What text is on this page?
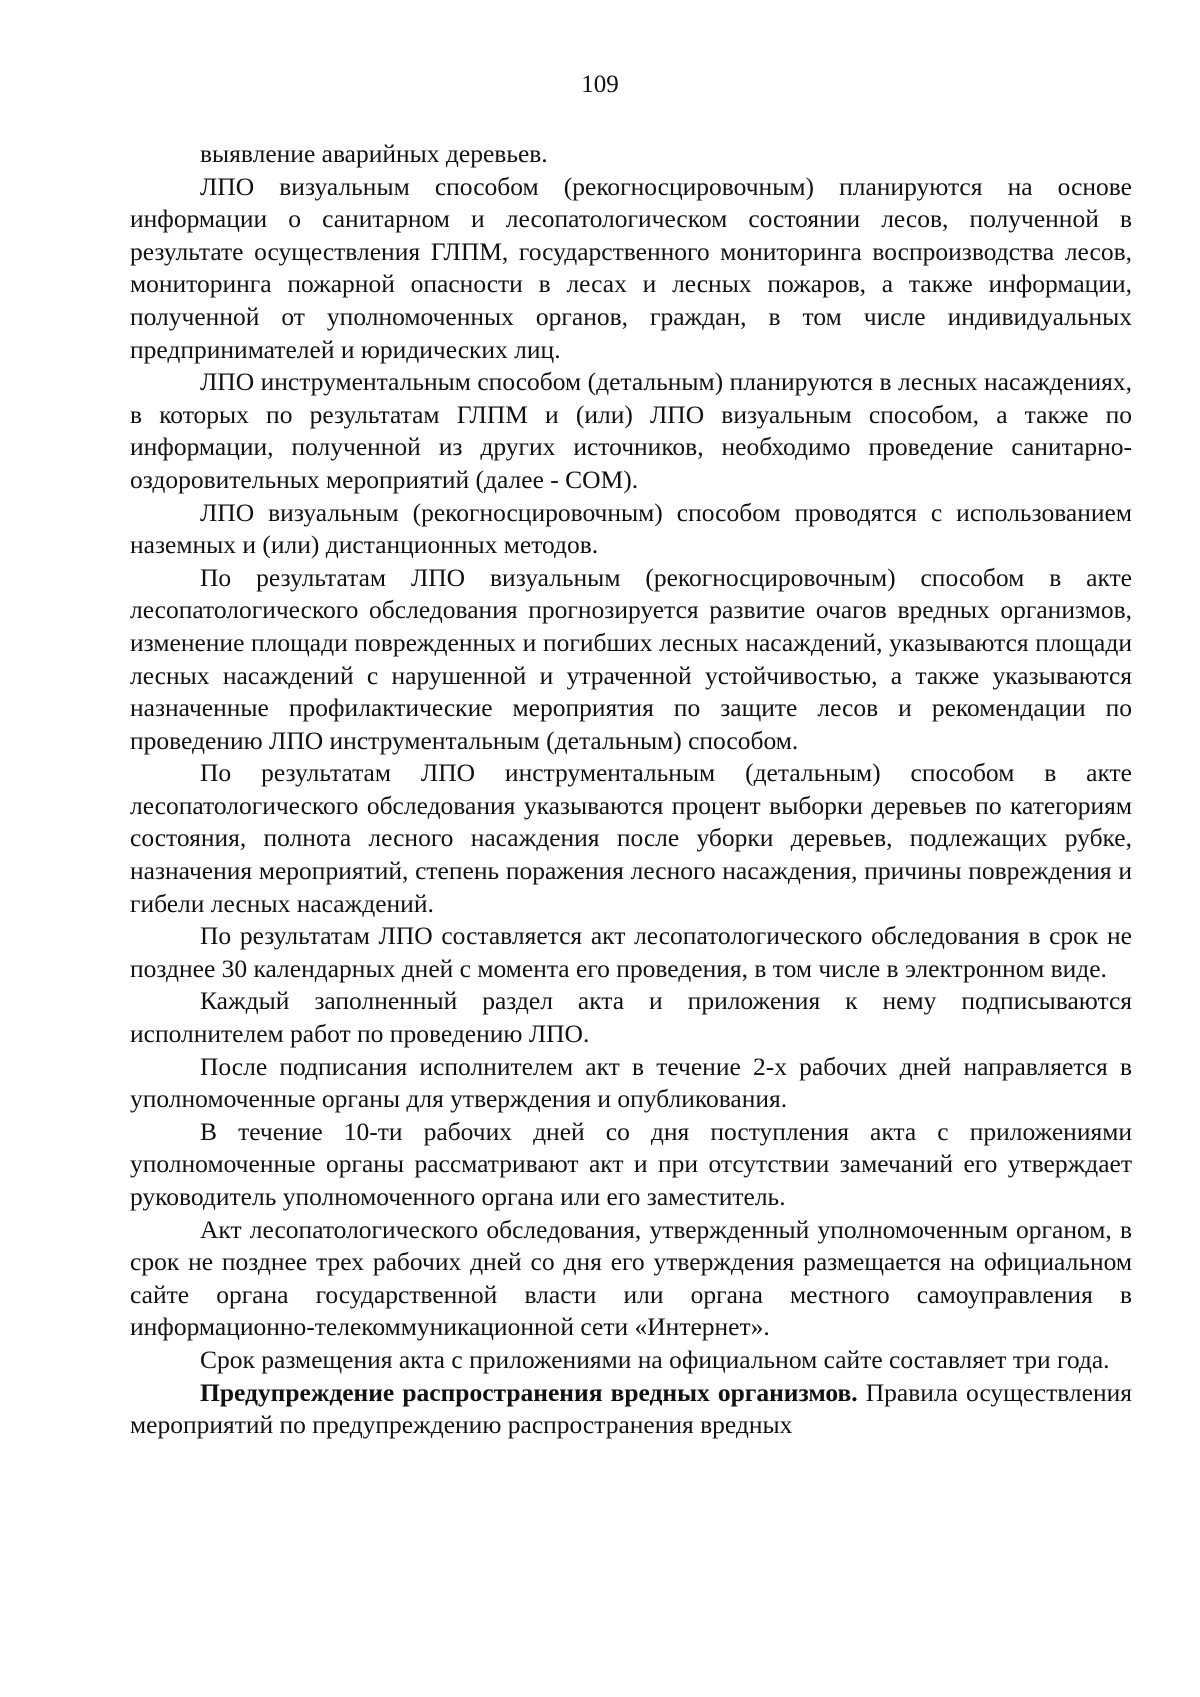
109

выявление аварийных деревьев.

ЛПО визуальным способом (рекогносцировочным) планируются на основе информации о санитарном и лесопатологическом состоянии лесов, полученной в результате осуществления ГЛПМ, государственного мониторинга воспроизводства лесов, мониторинга пожарной опасности в лесах и лесных пожаров, а также информации, полученной от уполномоченных органов, граждан, в том числе индивидуальных предпринимателей и юридических лиц.

ЛПО инструментальным способом (детальным) планируются в лесных насаждениях, в которых по результатам ГЛПМ и (или) ЛПО визуальным способом, а также по информации, полученной из других источников, необходимо проведение санитарно-оздоровительных мероприятий (далее - СОМ).

ЛПО визуальным (рекогносцировочным) способом проводятся с использованием наземных и (или) дистанционных методов.

По результатам ЛПО визуальным (рекогносцировочным) способом в акте лесопатологического обследования прогнозируется развитие очагов вредных организмов, изменение площади поврежденных и погибших лесных насаждений, указываются площади лесных насаждений с нарушенной и утраченной устойчивостью, а также указываются назначенные профилактические мероприятия по защите лесов и рекомендации по проведению ЛПО инструментальным (детальным) способом.

По результатам ЛПО инструментальным (детальным) способом в акте лесопатологического обследования указываются процент выборки деревьев по категориям состояния, полнота лесного насаждения после уборки деревьев, подлежащих рубке, назначения мероприятий, степень поражения лесного насаждения, причины повреждения и гибели лесных насаждений.

По результатам ЛПО составляется акт лесопатологического обследования в срок не позднее 30 календарных дней с момента его проведения, в том числе в электронном виде.

Каждый заполненный раздел акта и приложения к нему подписываются исполнителем работ по проведению ЛПО.

После подписания исполнителем акт в течение 2-х рабочих дней направляется в уполномоченные органы для утверждения и опубликования.

В течение 10-ти рабочих дней со дня поступления акта с приложениями уполномоченные органы рассматривают акт и при отсутствии замечаний его утверждает руководитель уполномоченного органа или его заместитель.

Акт лесопатологического обследования, утвержденный уполномоченным органом, в срок не позднее трех рабочих дней со дня его утверждения размещается на официальном сайте органа государственной власти или органа местного самоуправления в информационно-телекоммуникационной сети «Интернет».

Срок размещения акта с приложениями на официальном сайте составляет три года.

Предупреждение распространения вредных организмов. Правила осуществления мероприятий по предупреждению распространения вредных
